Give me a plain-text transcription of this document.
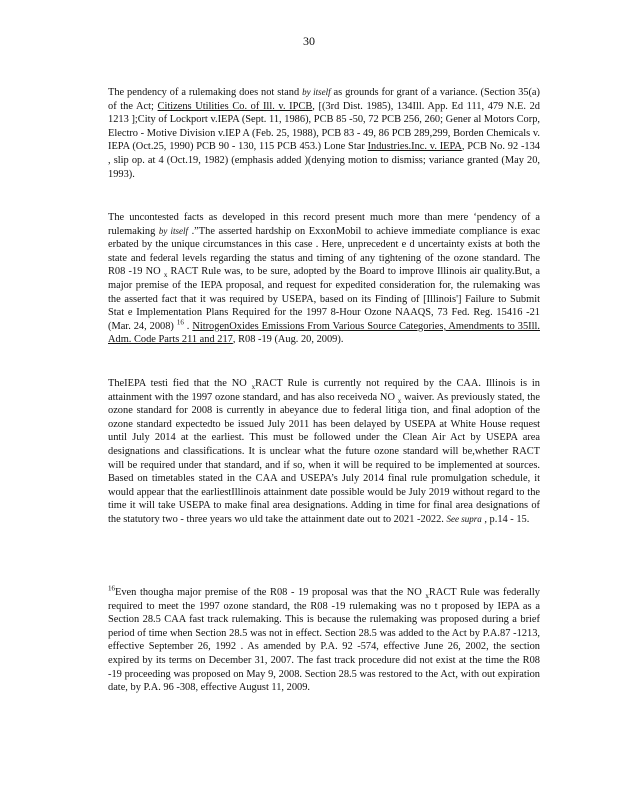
30

The pendency of a rulemaking does not stand by itself as grounds for grant of a variance. (Section 35(a) of the Act; Citizens Utilities Co. of Ill. v. IPCB, [(3rd Dist. 1985), 134Ill. App. Ed 111, 479 N.E. 2d 1213 ];City of Lockport v.IEPA (Sept. 11, 1986), PCB 85 -50, 72 PCB 256, 260; Gener al Motors Corp, Electro - Motive Division v.IEP A (Feb. 25, 1988), PCB 83 - 49, 86 PCB 289,299, Borden Chemicals v. IEPA (Oct.25, 1990) PCB 90 - 130, 115 PCB 453.) Lone Star Industries.Inc. v. IEPA, PCB No. 92 -134 , slip op. at 4 (Oct.19, 1982) (emphasis added )(denying motion to dismiss; variance granted (May 20, 1993).

The uncontested facts as developed in this record present much more than mere ‘pendency of a rulemaking by itself .”The asserted hardship on ExxonMobil to achieve immediate compliance is exac erbated by the unique circumstances in this case . Here, unprecedent e d uncertainty exists at both the state and federal levels regarding the status and timing of any tightening of the ozone standard. The R08 -19 NO $_x$ RACT Rule was, to be sure, adopted by the Board to improve Illinois air quality.But, a major premise of the IEPA proposal, and request for expedited consideration for, the rulemaking was the asserted fact that it was required by USEPA, based on its Finding of [Illinois'] Failure to Submit Stat e Implementation Plans Required for the 1997 8-Hour Ozone NAAQS, 73 Fed. Reg. 15416 -21 (Mar. 24, 2008) $^{16}$ . NitrogenOxides Emissions From Various Source Categories, Amendments to 35Ill. Adm. Code Parts 211 and 217, R08 -19 (Aug. 20, 2009).

TheIEPA testi fied that the NO $_x$RACT Rule is currently not required by the CAA. Illinois is in attainment with the 1997 ozone standard, and has also receiveda NO $_x$ waiver. As previously stated, the ozone standard for 2008 is currently in abeyance due to federal litiga tion, and final adoption of the ozone standard expectedto be issued July 2011 has been delayed by USEPA at White House request until July 2014 at the earliest. This must be followed under the Clean Air Act by USEPA area designations and classifications. It is unclear what the future ozone standard will be,whether RACT will be required under that standard, and if so, when it will be required to be implemented at sources. Based on timetables stated in the CAA and USEPA’s July 2014 final rule promulgation schedule, it would appear that the earliestIllinois attainment date possible would be July 2019 without regard to the time it will take USEPA to make final area designations. Adding in time for final area designations of the statutory two - three years wo uld take the attainment date out to 2021 -2022. See supra , p.14 - 15.

$^{16}$Even thougha major premise of the R08 - 19 proposal was that the NO $_x$RACT Rule was federally required to meet the 1997 ozone standard, the R08 -19 rulemaking was no t proposed by IEPA as a Section 28.5 CAA fast track rulemaking. This is because the rulemaking was proposed during a brief period of time when Section 28.5 was not in effect. Section 28.5 was added to the Act by P.A.87 -1213, effective September 26, 1992 . As amended by P.A. 92 -574, effective June 26, 2002, the section expired by its terms on December 31, 2007. The fast track procedure did not exist at the time the R08 -19 proceeding was proposed on May 9, 2008. Section 28.5 was restored to the Act, with out expiration date, by P.A. 96 -308, effective August 11, 2009.
